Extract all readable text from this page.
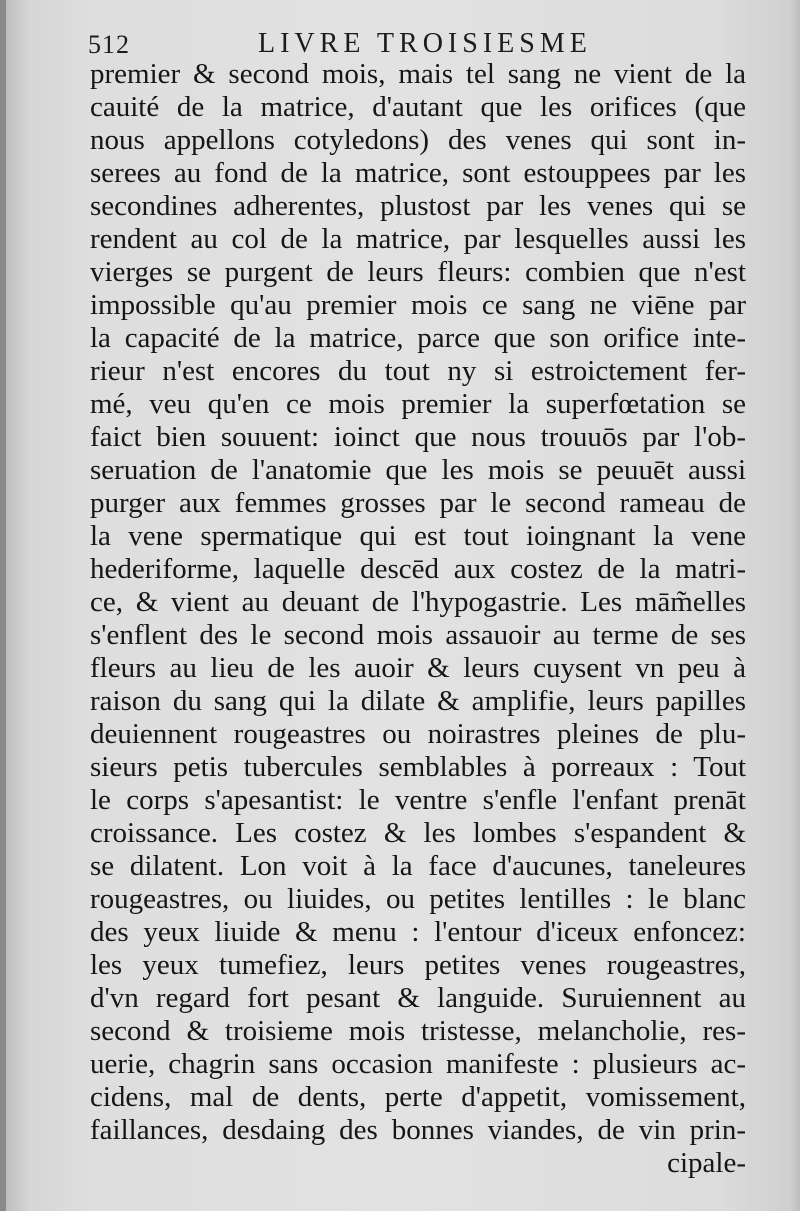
512	LIVRE TROISIESME
premier & second mois, mais tel sang ne vient de la
cauité de la matrice, d'autant que les orifices (que
nous appellons cotyledons) des venes qui sont in-
serees au fond de la matrice, sont estouppees par les
secondines adherentes, plustost par les venes qui se
rendent au col de la matrice, par lesquelles aussi les
vierges se purgent de leurs fleurs: combien que n'est
impossible qu'au premier mois ce sang ne viēne par
la capacité de la matrice, parce que son orifice inte-
rieur n'est encores du tout ny si estroictement fer-
mé, veu qu'en ce mois premier la superfœtation se
faict bien souuent: ioinct que nous trouuōs par l'ob-
seruation de l'anatomie que les mois se peuuēt aussi
purger aux femmes grosses par le second rameau de
la vene spermatique qui est tout ioingnant la vene
hederiforme, laquelle descēd aux costez de la matri-
ce, & vient au deuant de l'hypogastrie. Les mām̃elles
s'enflent des le second mois assauoir au terme de ses
fleurs au lieu de les auoir & leurs cuysent vn peu à
raison du sang qui la dilate & amplifie, leurs papilles
deuiennent rougeastres ou noirastres pleines de plu-
sieurs petis tubercules semblables à porreaux : Tout
le corps s'apesantist: le ventre s'enfle l'enfant prenāt
croissance. Les costez & les lombes s'espandent &
se dilatent. Lon voit à la face d'aucunes, taneleures
rougeastres, ou liuides, ou petites lentilles : le blanc
des yeux liuide & menu : l'entour d'iceux enfoncez:
les yeux tumefiez, leurs petites venes rougeastres,
d'vn regard fort pesant & languide. Suruiennent au
second & troisieme mois tristesse, melancholie, res-
uerie, chagrin sans occasion manifeste : plusieurs ac-
cidens, mal de dents, perte d'appetit, vomissement,
faillances, desdaing des bonnes viandes, de vin prin-
cipale-
